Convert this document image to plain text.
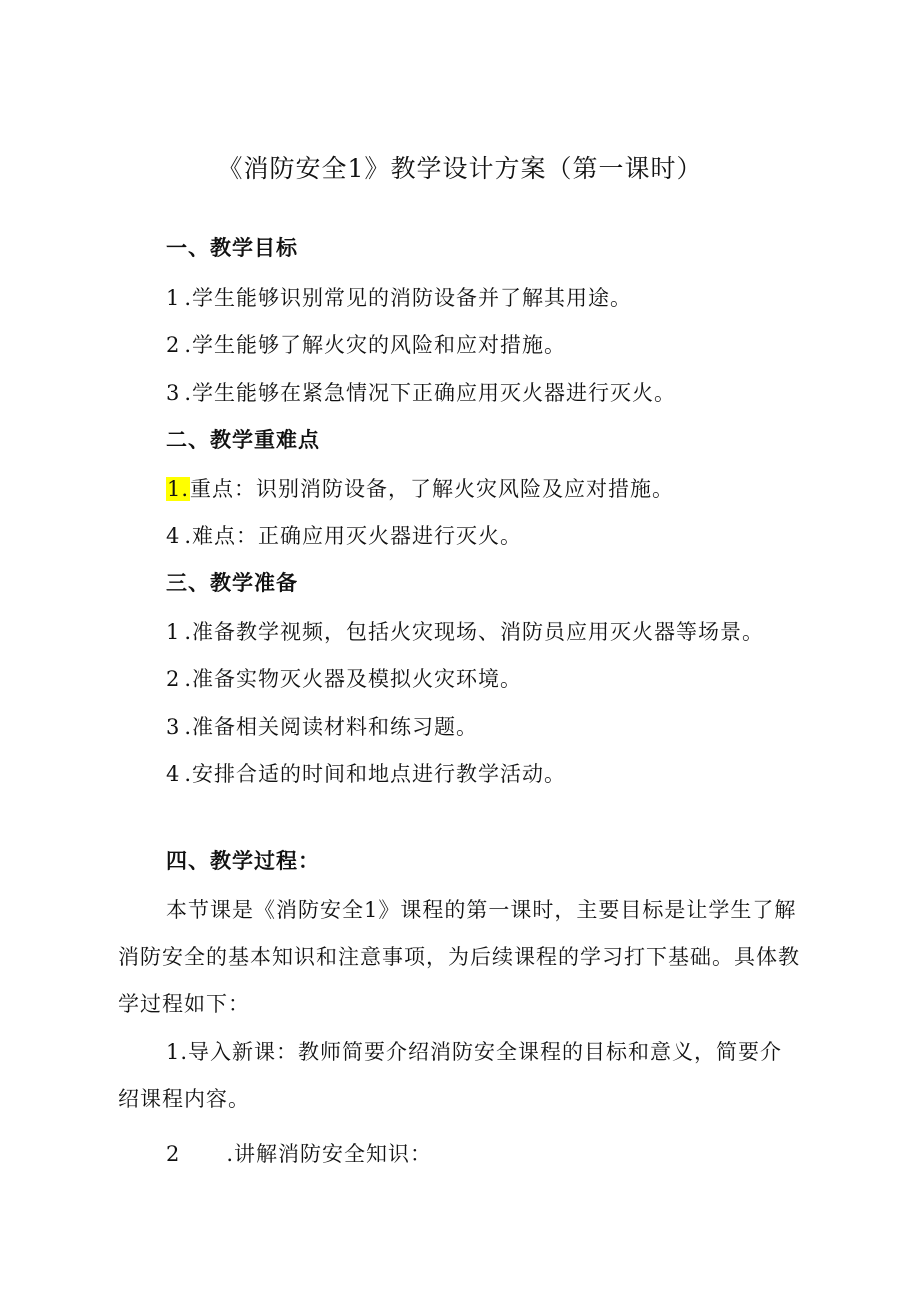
《消防安全1》教学设计方案（第一课时）
一、教学目标
1 .学生能够识别常见的消防设备并了解其用途。
2 .学生能够了解火灾的风险和应对措施。
3 .学生能够在紧急情况下正确应用灭火器进行灭火。
二、教学重难点
1.重点：识别消防设备，了解火灾风险及应对措施。
4 .难点：正确应用灭火器进行灭火。
三、教学准备
1 .准备教学视频，包括火灾现场、消防员应用灭火器等场景。
2 .准备实物灭火器及模拟火灾环境。
3 .准备相关阅读材料和练习题。
4 .安排合适的时间和地点进行教学活动。
四、教学过程：
本节课是《消防安全1》课程的第一课时，主要目标是让学生了解
消防安全的基本知识和注意事项，为后续课程的学习打下基础。具体教
学过程如下：
1.导入新课：教师简要介绍消防安全课程的目标和意义，简要介
绍课程内容。
2 .讲解消防安全知识：
